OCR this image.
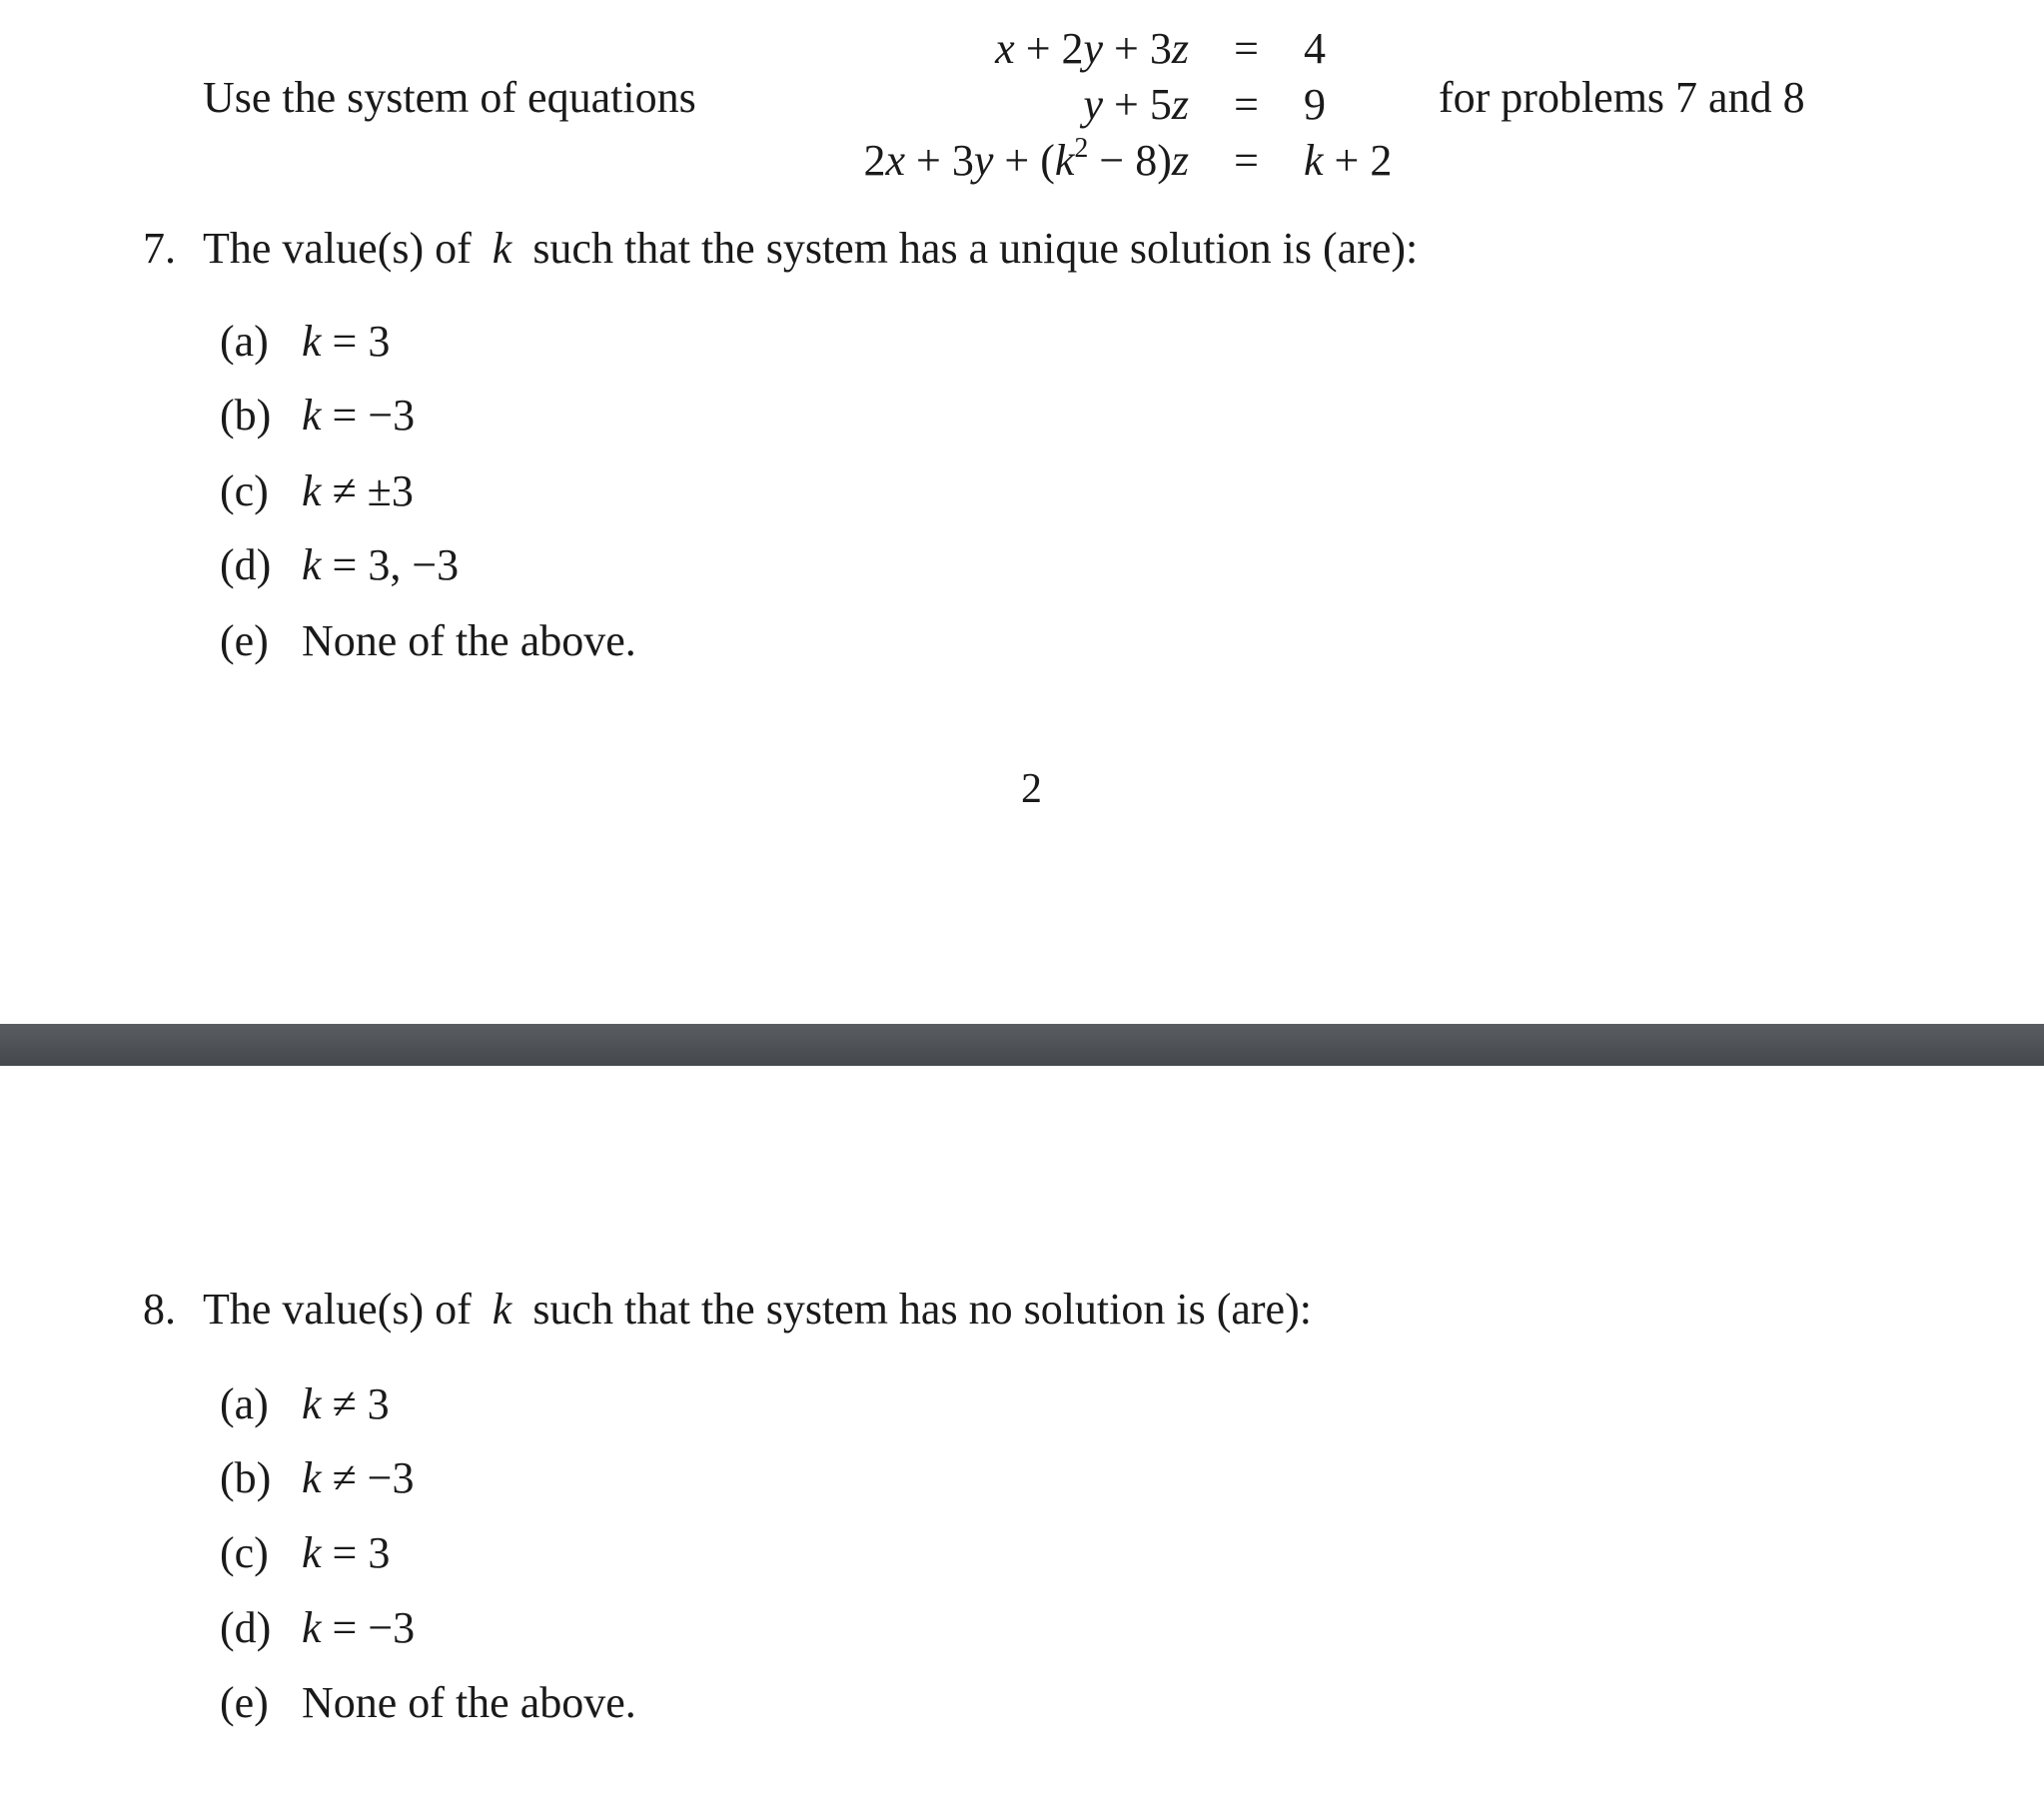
Use the system of equations
x + 2y + 3z	=	4
y + 5z	=	9
$2x + 3y + (k^2 - 8)z$	=	k + 2
for problems 7 and 8
7. The value(s) of k such that the system has a unique solution is (are):
(a) k = 3
(b) k = −3
(c) k ≠ ±3
(d) k = 3, −3
(e) None of the above.
2
8. The value(s) of k such that the system has no solution is (are):
(a) k ≠ 3
(b) k ≠ −3
(c) k = 3
(d) k = −3
(e) None of the above.
